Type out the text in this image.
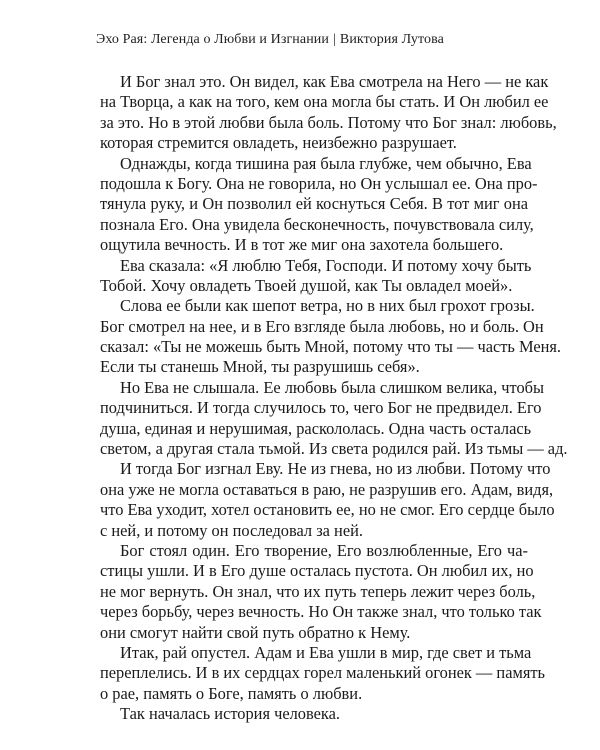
Эхо Рая: Легенда о Любви и Изгнании | Виктория Лутова
И Бог знал это. Он видел, как Ева смотрела на Него — не как
на Творца, а как на того, кем она могла бы стать. И Он любил ее
за это. Но в этой любви была боль. Потому что Бог знал: любовь,
которая стремится овладеть, неизбежно разрушает.
Однажды, когда тишина рая была глубже, чем обычно, Ева
подошла к Богу. Она не говорила, но Он услышал ее. Она про-
тянула руку, и Он позволил ей коснуться Себя. В тот миг она
познала Его. Она увидела бесконечность, почувствовала силу,
ощутила вечность. И в тот же миг она захотела большего.
Ева сказала: «Я люблю Тебя, Господи. И потому хочу быть
Тобой. Хочу овладеть Твоей душой, как Ты овладел моей».
Слова ее были как шепот ветра, но в них был грохот грозы.
Бог смотрел на нее, и в Его взгляде была любовь, но и боль. Он
сказал: «Ты не можешь быть Мной, потому что ты — часть Меня.
Если ты станешь Мной, ты разрушишь себя».
Но Ева не слышала. Ее любовь была слишком велика, чтобы
подчиниться. И тогда случилось то, чего Бог не предвидел. Его
душа, единая и нерушимая, раскололась. Одна часть осталась
светом, а другая стала тьмой. Из света родился рай. Из тьмы — ад.
И тогда Бог изгнал Еву. Не из гнева, но из любви. Потому что
она уже не могла оставаться в раю, не разрушив его. Адам, видя,
что Ева уходит, хотел остановить ее, но не смог. Его сердце было
с ней, и потому он последовал за ней.
Бог стоял один. Его творение, Его возлюбленные, Его ча-
стицы ушли. И в Его душе осталась пустота. Он любил их, но
не мог вернуть. Он знал, что их путь теперь лежит через боль,
через борьбу, через вечность. Но Он также знал, что только так
они смогут найти свой путь обратно к Нему.
Итак, рай опустел. Адам и Ева ушли в мир, где свет и тьма
переплелись. И в их сердцах горел маленький огонек — память
о рае, память о Боге, память о любви.
Так началась история человека.
